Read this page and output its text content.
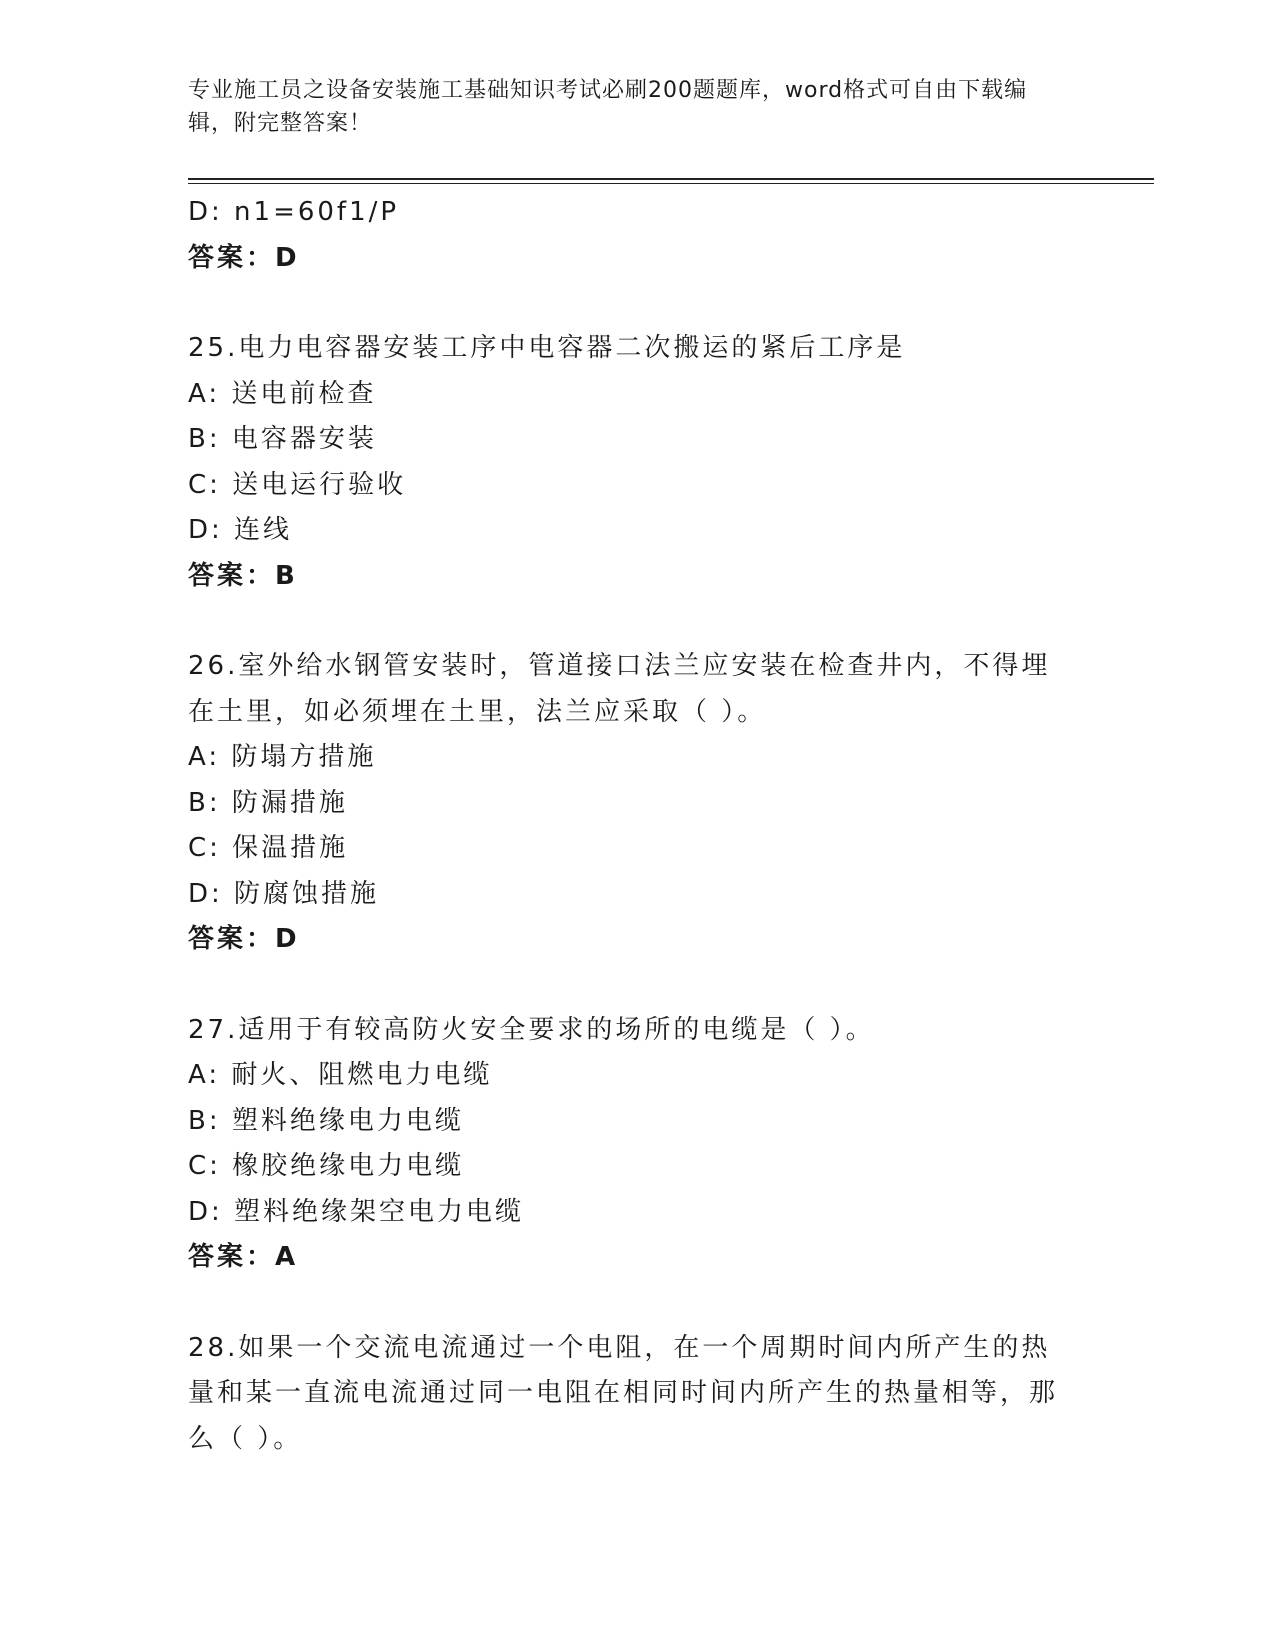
专业施工员之设备安装施工基础知识考试必刷200题题库，word格式可自由下载编辑，附完整答案！
D: n1=60f1/P
答案：D
25.电力电容器安装工序中电容器二次搬运的紧后工序是
A: 送电前检查
B: 电容器安装
C: 送电运行验收
D: 连线
答案：B
26.室外给水钢管安装时，管道接口法兰应安装在检查井内，不得埋在土里，如必须埋在土里，法兰应采取（ ）。
A: 防塌方措施
B: 防漏措施
C: 保温措施
D: 防腐蚀措施
答案：D
27.适用于有较高防火安全要求的场所的电缆是（ ）。
A: 耐火、阻燃电力电缆
B: 塑料绝缘电力电缆
C: 橡胶绝缘电力电缆
D: 塑料绝缘架空电力电缆
答案：A
28.如果一个交流电流通过一个电阻，在一个周期时间内所产生的热量和某一直流电流通过同一电阻在相同时间内所产生的热量相等，那么（ ）。
